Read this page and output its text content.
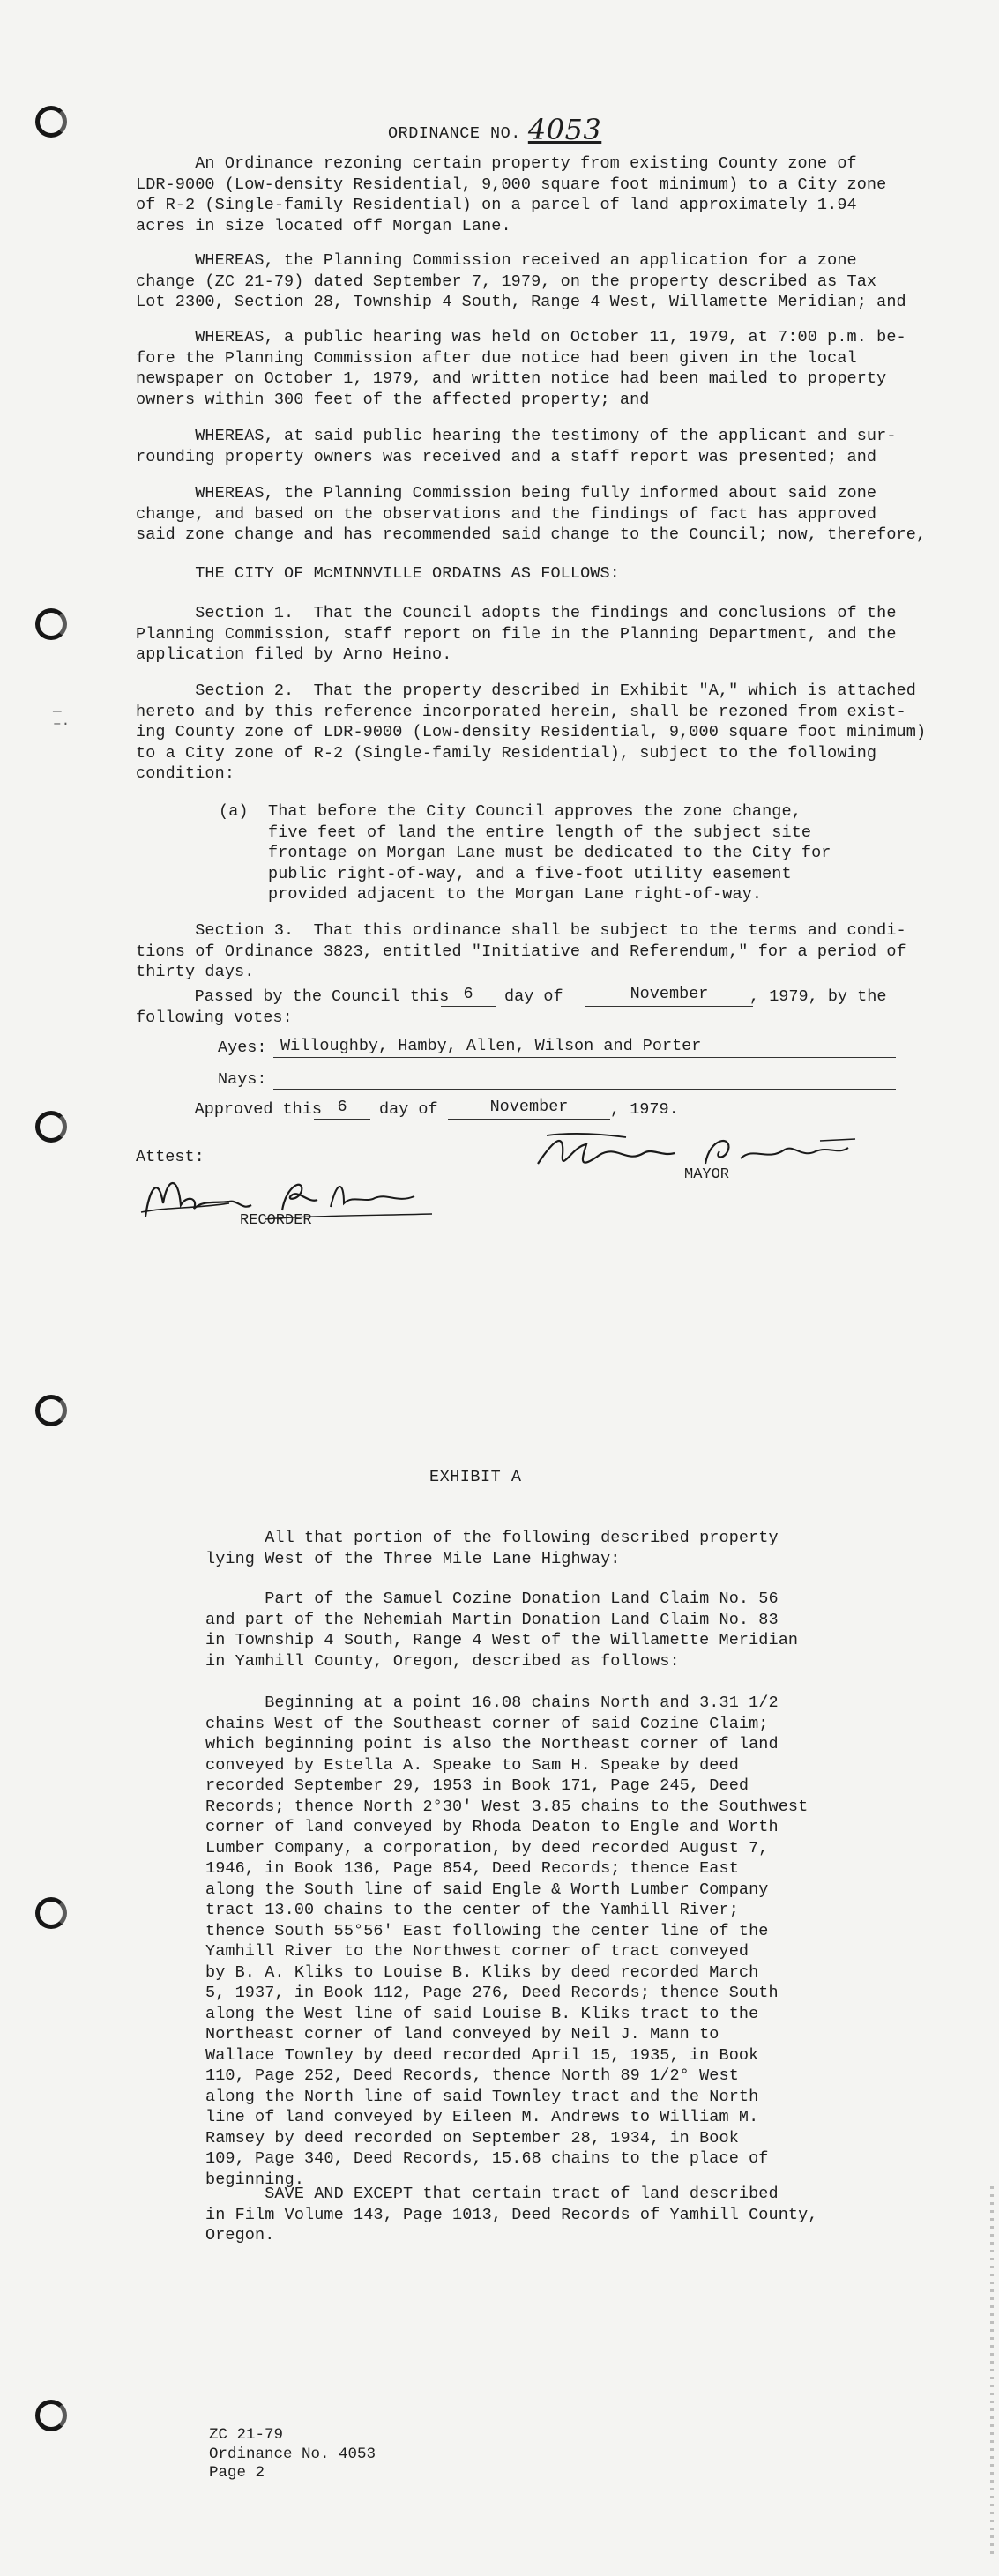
—
–·
ORDINANCE NO. 4053
An Ordinance rezoning certain property from existing County zone of
LDR-9000 (Low-density Residential, 9,000 square foot minimum) to a City zone
of R-2 (Single-family Residential) on a parcel of land approximately 1.94
acres in size located off Morgan Lane.
WHEREAS, the Planning Commission received an application for a zone
change (ZC 21-79) dated September 7, 1979, on the property described as Tax
Lot 2300, Section 28, Township 4 South, Range 4 West, Willamette Meridian; and
WHEREAS, a public hearing was held on October 11, 1979, at 7:00 p.m. be-
fore the Planning Commission after due notice had been given in the local
newspaper on October 1, 1979, and written notice had been mailed to property
owners within 300 feet of the affected property; and
WHEREAS, at said public hearing the testimony of the applicant and sur-
rounding property owners was received and a staff report was presented; and
WHEREAS, the Planning Commission being fully informed about said zone
change, and based on the observations and the findings of fact has approved
said zone change and has recommended said change to the Council; now, therefore,
THE CITY OF McMINNVILLE ORDAINS AS FOLLOWS:
Section 1.  That the Council adopts the findings and conclusions of the
Planning Commission, staff report on file in the Planning Department, and the
application filed by Arno Heino.
Section 2.  That the property described in Exhibit "A," which is attached
hereto and by this reference incorporated herein, shall be rezoned from exist-
ing County zone of LDR-9000 (Low-density Residential, 9,000 square foot minimum)
to a City zone of R-2 (Single-family Residential), subject to the following
condition:
(a)  That before the City Council approves the zone change,
five feet of land the entire length of the subject site
frontage on Morgan Lane must be dedicated to the City for
public right-of-way, and a five-foot utility easement
provided adjacent to the Morgan Lane right-of-way.
Section 3.  That this ordinance shall be subject to the terms and condi-
tions of Ordinance 3823, entitled "Initiative and Referendum," for a period of
thirty days.
Passed by the Council this 6	day of	November	, 1979, by the
following votes:
Ayes: Willoughby, Hamby, Allen, Wilson and Porter
Nays:
Approved this 6	day of	November	, 1979.
MAYOR
Attest:
RECORDER
EXHIBIT A
All that portion of the following described property
lying West of the Three Mile Lane Highway:
Part of the Samuel Cozine Donation Land Claim No. 56
and part of the Nehemiah Martin Donation Land Claim No. 83
in Township 4 South, Range 4 West of the Willamette Meridian
in Yamhill County, Oregon, described as follows:
Beginning at a point 16.08 chains North and 3.31 1/2
chains West of the Southeast corner of said Cozine Claim;
which beginning point is also the Northeast corner of land
conveyed by Estella A. Speake to Sam H. Speake by deed
recorded September 29, 1953 in Book 171, Page 245, Deed
Records; thence North 2°30' West 3.85 chains to the Southwest
corner of land conveyed by Rhoda Deaton to Engle and Worth
Lumber Company, a corporation, by deed recorded August 7,
1946, in Book 136, Page 854, Deed Records; thence East
along the South line of said Engle & Worth Lumber Company
tract 13.00 chains to the center of the Yamhill River;
thence South 55°56' East following the center line of the
Yamhill River to the Northwest corner of tract conveyed
by B. A. Kliks to Louise B. Kliks by deed recorded March
5, 1937, in Book 112, Page 276, Deed Records; thence South
along the West line of said Louise B. Kliks tract to the
Northeast corner of land conveyed by Neil J. Mann to
Wallace Townley by deed recorded April 15, 1935, in Book
110, Page 252, Deed Records, thence North 89 1/2° West
along the North line of said Townley tract and the North
line of land conveyed by Eileen M. Andrews to William M.
Ramsey by deed recorded on September 28, 1934, in Book
109, Page 340, Deed Records, 15.68 chains to the place of
beginning.
SAVE AND EXCEPT that certain tract of land described
in Film Volume 143, Page 1013, Deed Records of Yamhill County,
Oregon.
ZC 21-79
Ordinance No. 4053
Page 2
